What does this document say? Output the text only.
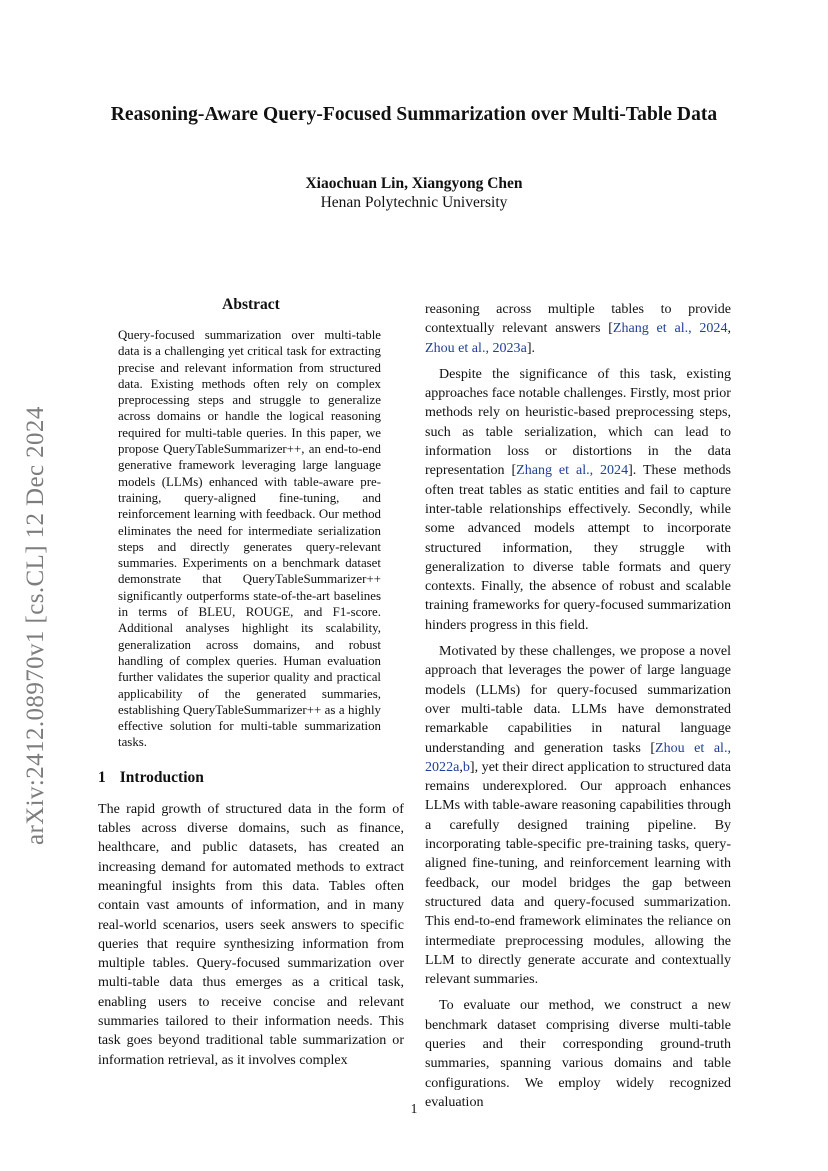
Reasoning-Aware Query-Focused Summarization over Multi-Table Data
Xiaochuan Lin, Xiangyong Chen
Henan Polytechnic University
arXiv:2412.08970v1 [cs.CL] 12 Dec 2024
Abstract
Query-focused summarization over multi-table data is a challenging yet critical task for extracting precise and relevant information from structured data. Existing methods often rely on complex preprocessing steps and struggle to generalize across domains or handle the logical reasoning required for multi-table queries. In this paper, we propose QueryTableSummarizer++, an end-to-end generative framework leveraging large language models (LLMs) enhanced with table-aware pre-training, query-aligned fine-tuning, and reinforcement learning with feedback. Our method eliminates the need for intermediate serialization steps and directly generates query-relevant summaries. Experiments on a benchmark dataset demonstrate that QueryTableSummarizer++ significantly outperforms state-of-the-art baselines in terms of BLEU, ROUGE, and F1-score. Additional analyses highlight its scalability, generalization across domains, and robust handling of complex queries. Human evaluation further validates the superior quality and practical applicability of the generated summaries, establishing QueryTableSummarizer++ as a highly effective solution for multi-table summarization tasks.
1 Introduction

The rapid growth of structured data in the form of tables across diverse domains, such as finance, healthcare, and public datasets, has created an increasing demand for automated methods to extract meaningful insights from this data. Tables often contain vast amounts of information, and in many real-world scenarios, users seek answers to specific queries that require synthesizing information from multiple tables. Query-focused summarization over multi-table data thus emerges as a critical task, enabling users to receive concise and relevant summaries tailored to their information needs. This task goes beyond traditional table summarization or information retrieval, as it involves complex

reasoning across multiple tables to provide contextually relevant answers [Zhang et al., 2024, Zhou et al., 2023a].

Despite the significance of this task, existing approaches face notable challenges. Firstly, most prior methods rely on heuristic-based preprocessing steps, such as table serialization, which can lead to information loss or distortions in the data representation [Zhang et al., 2024]. These methods often treat tables as static entities and fail to capture inter-table relationships effectively. Secondly, while some advanced models attempt to incorporate structured information, they struggle with generalization to diverse table formats and query contexts. Finally, the absence of robust and scalable training frameworks for query-focused summarization hinders progress in this field.

Motivated by these challenges, we propose a novel approach that leverages the power of large language models (LLMs) for query-focused summarization over multi-table data. LLMs have demonstrated remarkable capabilities in natural language understanding and generation tasks [Zhou et al., 2022a,b], yet their direct application to structured data remains underexplored. Our approach enhances LLMs with table-aware reasoning capabilities through a carefully designed training pipeline. By incorporating table-specific pre-training tasks, query-aligned fine-tuning, and reinforcement learning with feedback, our model bridges the gap between structured data and query-focused summarization. This end-to-end framework eliminates the reliance on intermediate preprocessing modules, allowing the LLM to directly generate accurate and contextually relevant summaries.

To evaluate our method, we construct a new benchmark dataset comprising diverse multi-table queries and their corresponding ground-truth summaries, spanning various domains and table configurations. We employ widely recognized evaluation

1
